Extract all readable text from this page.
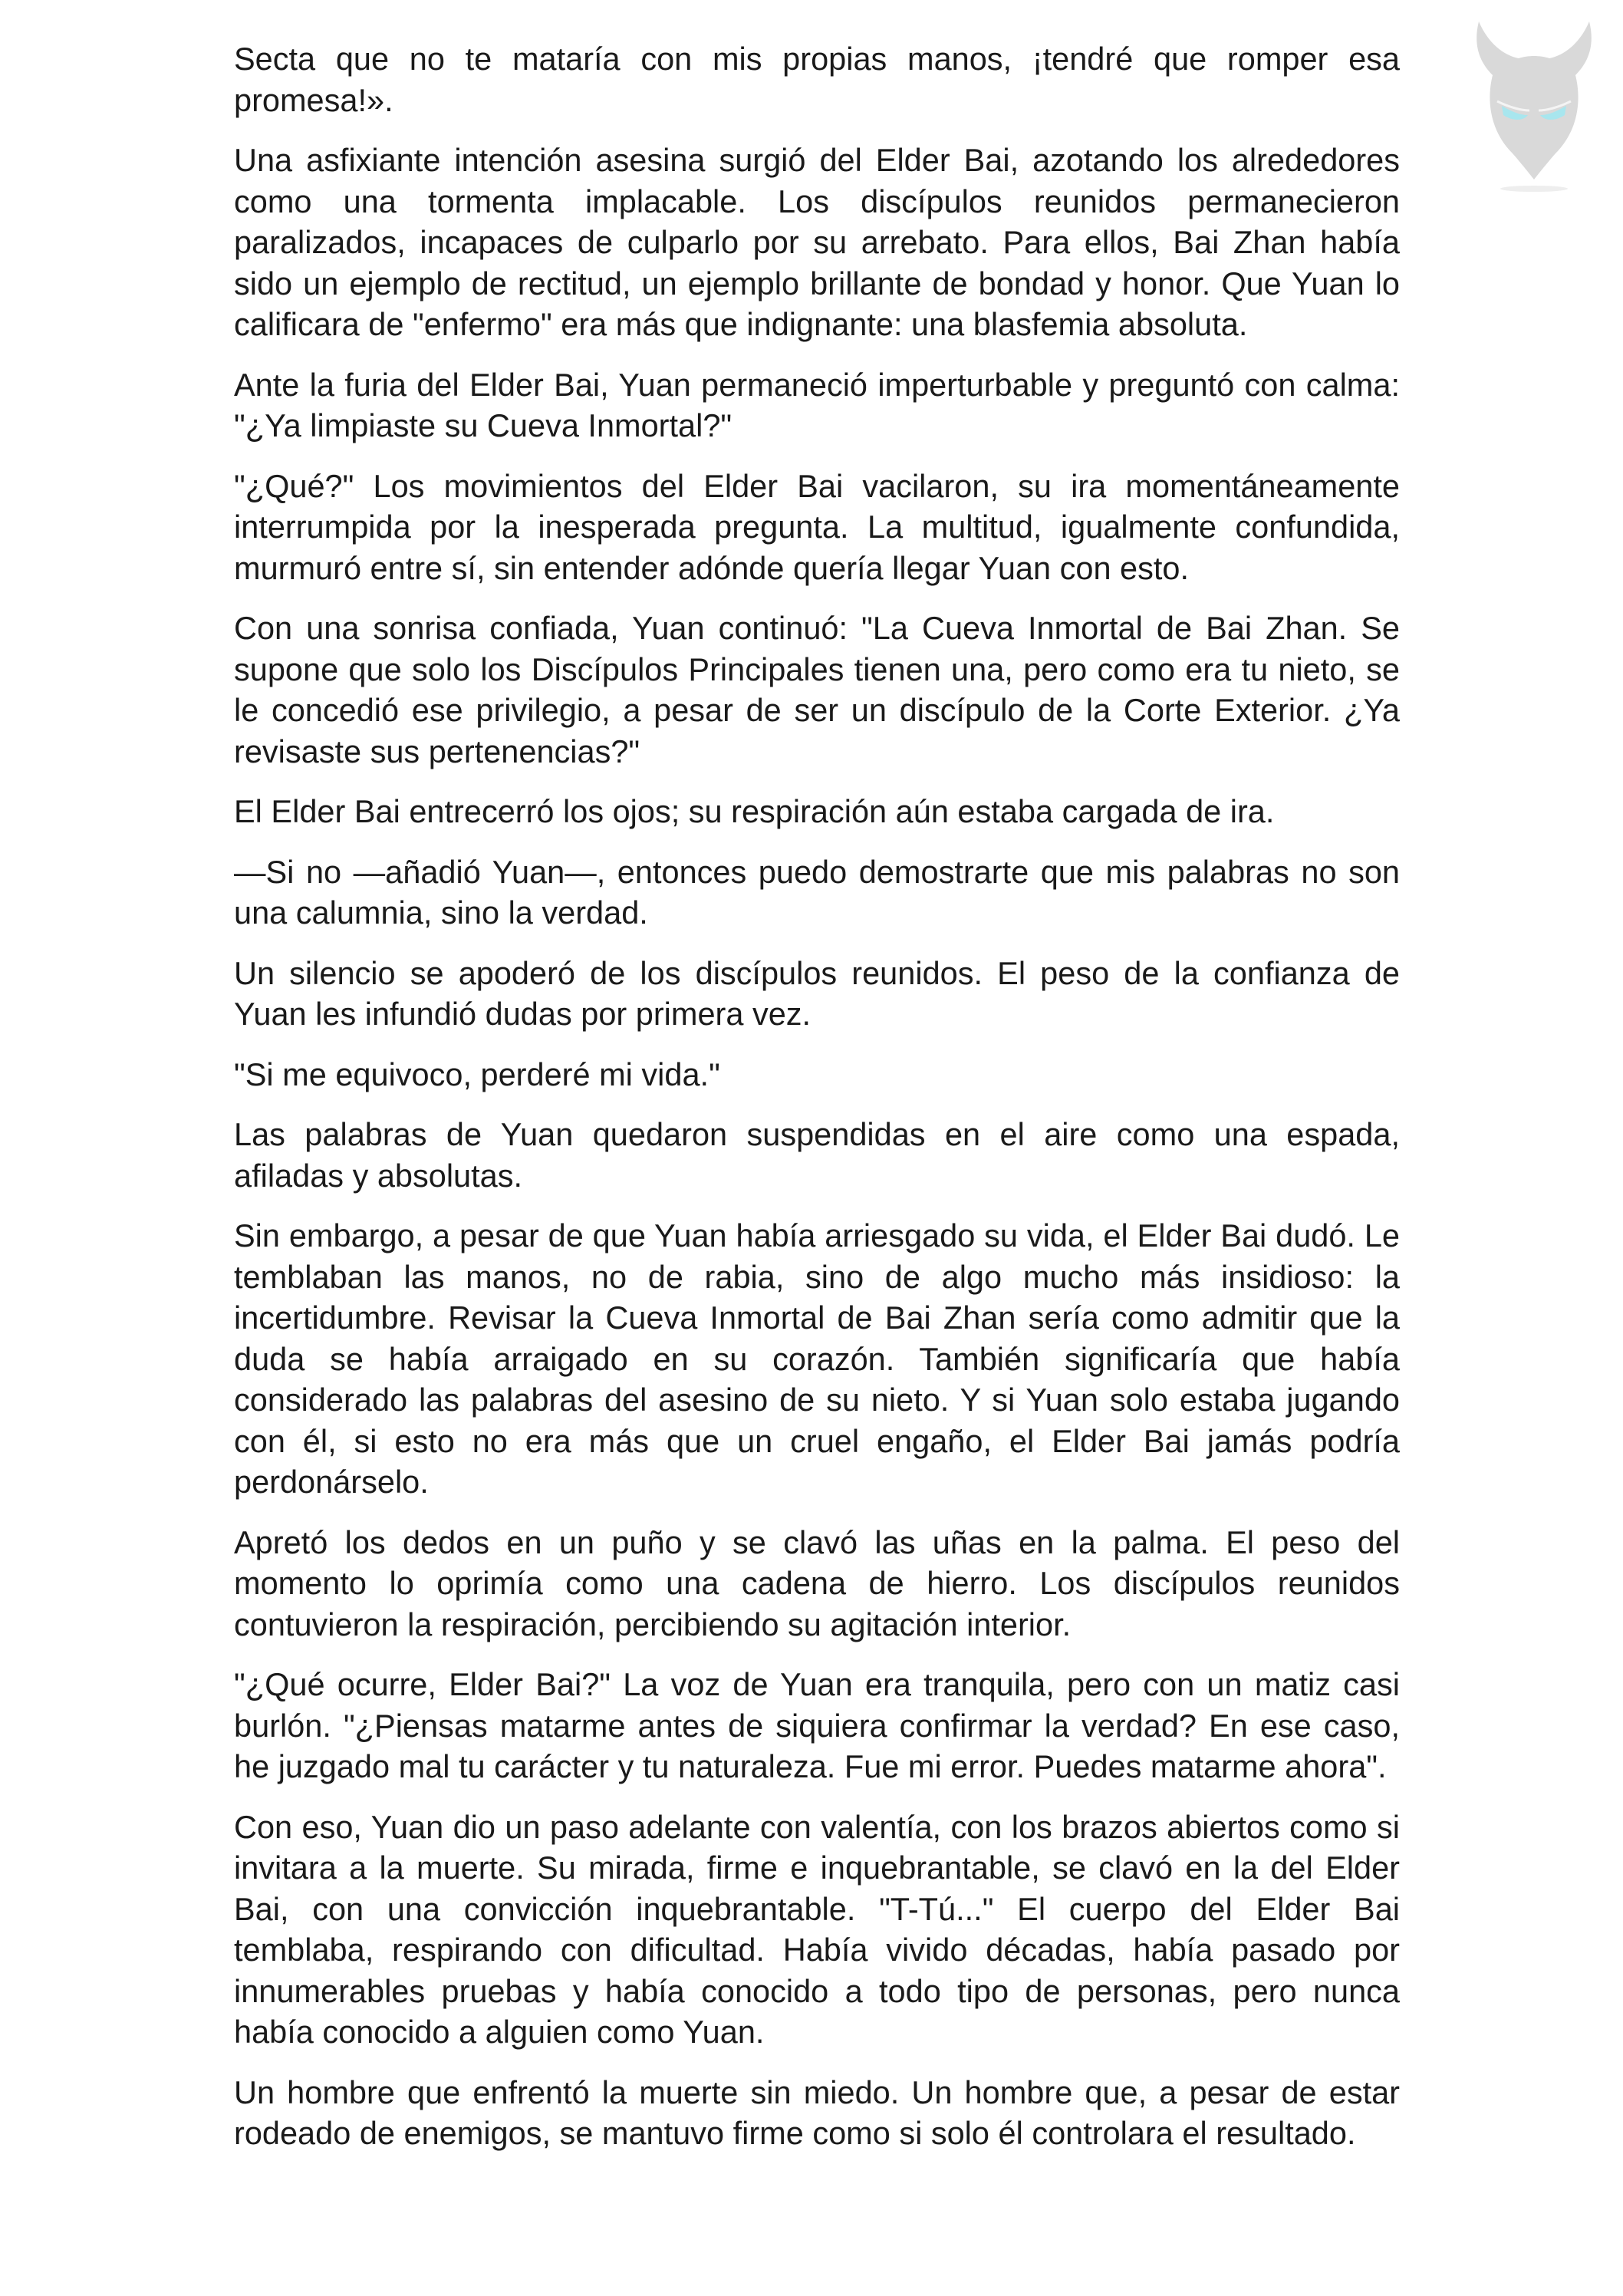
Secta que no te mataría con mis propias manos, ¡tendré que romper esa promesa!».

Una asfixiante intención asesina surgió del Elder Bai, azotando los alrededores como una tormenta implacable. Los discípulos reunidos permanecieron paralizados, incapaces de culparlo por su arrebato. Para ellos, Bai Zhan había sido un ejemplo de rectitud, un ejemplo brillante de bondad y honor. Que Yuan lo calificara de "enfermo" era más que indignante: una blasfemia absoluta.

Ante la furia del Elder Bai, Yuan permaneció imperturbable y preguntó con calma: "¿Ya limpiaste su Cueva Inmortal?"

"¿Qué?" Los movimientos del Elder Bai vacilaron, su ira momentáneamente interrumpida por la inesperada pregunta. La multitud, igualmente confundida, murmuró entre sí, sin entender adónde quería llegar Yuan con esto.

Con una sonrisa confiada, Yuan continuó: "La Cueva Inmortal de Bai Zhan. Se supone que solo los Discípulos Principales tienen una, pero como era tu nieto, se le concedió ese privilegio, a pesar de ser un discípulo de la Corte Exterior. ¿Ya revisaste sus pertenencias?"

El Elder Bai entrecerró los ojos; su respiración aún estaba cargada de ira.

—Si no —añadió Yuan—, entonces puedo demostrarte que mis palabras no son una calumnia, sino la verdad.

Un silencio se apoderó de los discípulos reunidos. El peso de la confianza de Yuan les infundió dudas por primera vez.

"Si me equivoco, perderé mi vida."

Las palabras de Yuan quedaron suspendidas en el aire como una espada, afiladas y absolutas.

Sin embargo, a pesar de que Yuan había arriesgado su vida, el Elder Bai dudó. Le temblaban las manos, no de rabia, sino de algo mucho más insidioso: la incertidumbre. Revisar la Cueva Inmortal de Bai Zhan sería como admitir que la duda se había arraigado en su corazón. También significaría que había considerado las palabras del asesino de su nieto. Y si Yuan solo estaba jugando con él, si esto no era más que un cruel engaño, el Elder Bai jamás podría perdonárselo.

Apretó los dedos en un puño y se clavó las uñas en la palma. El peso del momento lo oprimía como una cadena de hierro. Los discípulos reunidos contuvieron la respiración, percibiendo su agitación interior.

"¿Qué ocurre, Elder Bai?" La voz de Yuan era tranquila, pero con un matiz casi burlón. "¿Piensas matarme antes de siquiera confirmar la verdad? En ese caso, he juzgado mal tu carácter y tu naturaleza. Fue mi error. Puedes matarme ahora".

Con eso, Yuan dio un paso adelante con valentía, con los brazos abiertos como si invitara a la muerte. Su mirada, firme e inquebrantable, se clavó en la del Elder Bai, con una convicción inquebrantable. "T-Tú..." El cuerpo del Elder Bai temblaba, respirando con dificultad. Había vivido décadas, había pasado por innumerables pruebas y había conocido a todo tipo de personas, pero nunca había conocido a alguien como Yuan.

Un hombre que enfrentó la muerte sin miedo. Un hombre que, a pesar de estar rodeado de enemigos, se mantuvo firme como si solo él controlara el resultado.
